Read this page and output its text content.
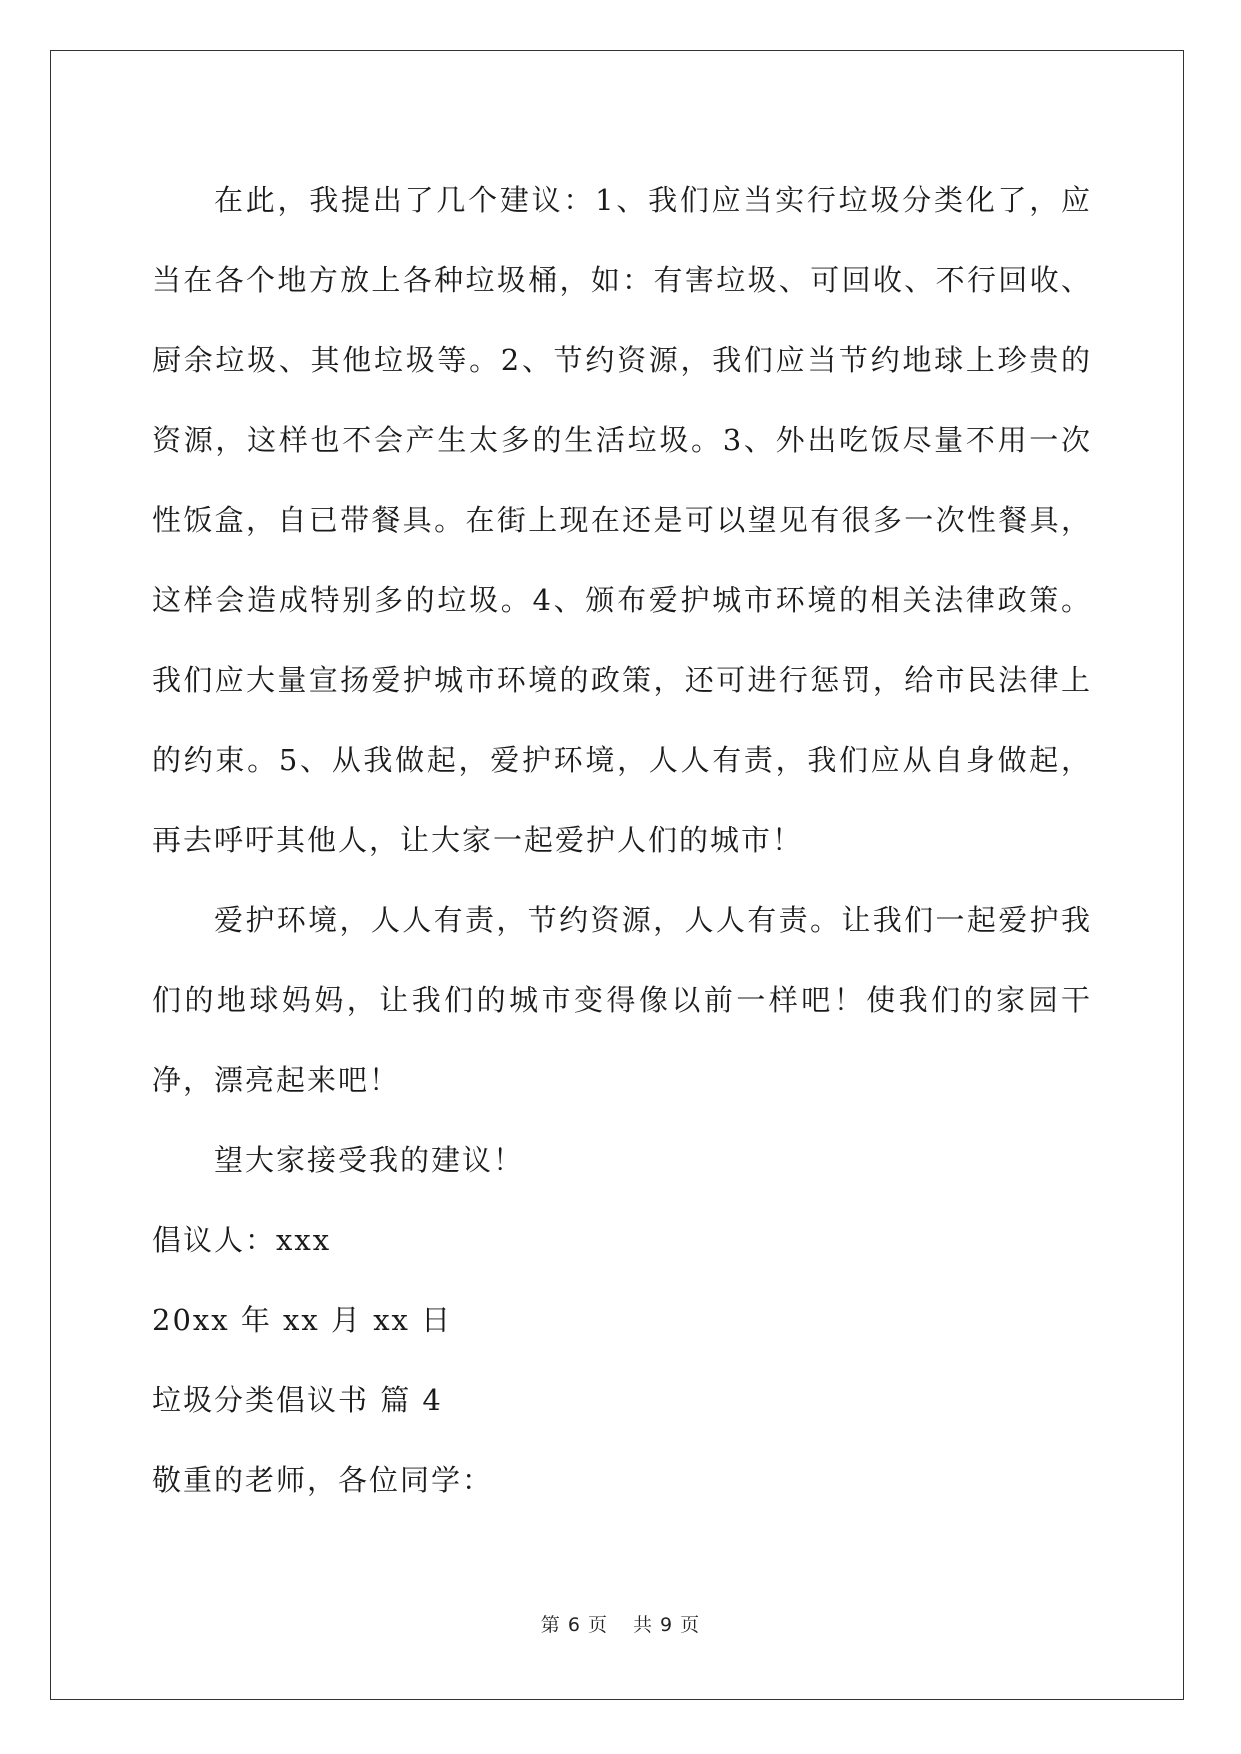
在此，我提出了几个建议：1、我们应当实行垃圾分类化了，应当在各个地方放上各种垃圾桶，如：有害垃圾、可回收、不行回收、厨余垃圾、其他垃圾等。2、节约资源，我们应当节约地球上珍贵的资源，这样也不会产生太多的生活垃圾。3、外出吃饭尽量不用一次性饭盒，自已带餐具。在街上现在还是可以望见有很多一次性餐具，这样会造成特别多的垃圾。4、颁布爱护城市环境的相关法律政策。我们应大量宣扬爱护城市环境的政策，还可进行惩罚，给市民法律上的约束。5、从我做起，爱护环境，人人有责，我们应从自身做起，再去呼吁其他人，让大家一起爱护人们的城市！

爱护环境，人人有责，节约资源，人人有责。让我们一起爱护我们的地球妈妈，让我们的城市变得像以前一样吧！使我们的家园干净，漂亮起来吧！

望大家接受我的建议！

倡议人：xxx

20xx 年 xx 月 xx 日

垃圾分类倡议书 篇 4

敬重的老师，各位同学：

第 6 页 共 9 页
